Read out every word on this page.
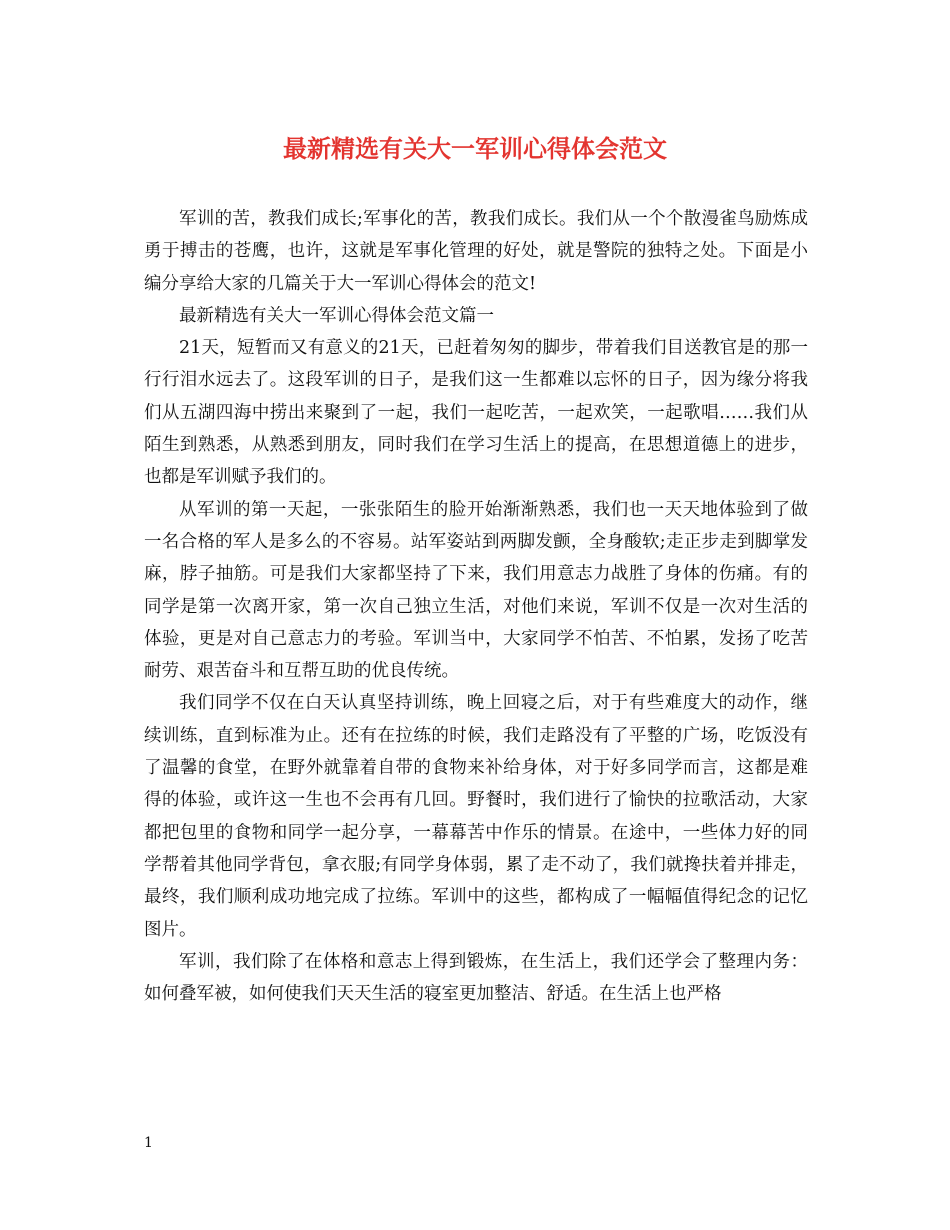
最新精选有关大一军训心得体会范文

军训的苦，教我们成长;军事化的苦，教我们成长。我们从一个个散漫雀鸟励炼成勇于搏击的苍鹰，也许，这就是军事化管理的好处，就是警院的独特之处。下面是小编分享给大家的几篇关于大一军训心得体会的范文!

最新精选有关大一军训心得体会范文篇一

21天，短暂而又有意义的21天，已赶着匆匆的脚步，带着我们目送教官是的那一行行泪水远去了。这段军训的日子，是我们这一生都难以忘怀的日子，因为缘分将我们从五湖四海中捞出来聚到了一起，我们一起吃苦，一起欢笑，一起歌唱……我们从陌生到熟悉，从熟悉到朋友，同时我们在学习生活上的提高，在思想道德上的进步，也都是军训赋予我们的。

从军训的第一天起，一张张陌生的脸开始渐渐熟悉，我们也一天天地体验到了做一名合格的军人是多么的不容易。站军姿站到两脚发颤，全身酸软;走正步走到脚掌发麻，脖子抽筋。可是我们大家都坚持了下来，我们用意志力战胜了身体的伤痛。有的同学是第一次离开家，第一次自己独立生活，对他们来说，军训不仅是一次对生活的体验，更是对自己意志力的考验。军训当中，大家同学不怕苦、不怕累，发扬了吃苦耐劳、艰苦奋斗和互帮互助的优良传统。

我们同学不仅在白天认真坚持训练，晚上回寝之后，对于有些难度大的动作，继续训练，直到标准为止。还有在拉练的时候，我们走路没有了平整的广场，吃饭没有了温馨的食堂，在野外就靠着自带的食物来补给身体，对于好多同学而言，这都是难得的体验，或许这一生也不会再有几回。野餐时，我们进行了愉快的拉歌活动，大家都把包里的食物和同学一起分享，一幕幕苦中作乐的情景。在途中，一些体力好的同学帮着其他同学背包，拿衣服;有同学身体弱，累了走不动了，我们就搀扶着并排走，最终，我们顺利成功地完成了拉练。军训中的这些，都构成了一幅幅值得纪念的记忆图片。

军训，我们除了在体格和意志上得到锻炼，在生活上，我们还学会了整理内务：如何叠军被，如何使我们天天生活的寝室更加整洁、舒适。在生活上也严格

1
